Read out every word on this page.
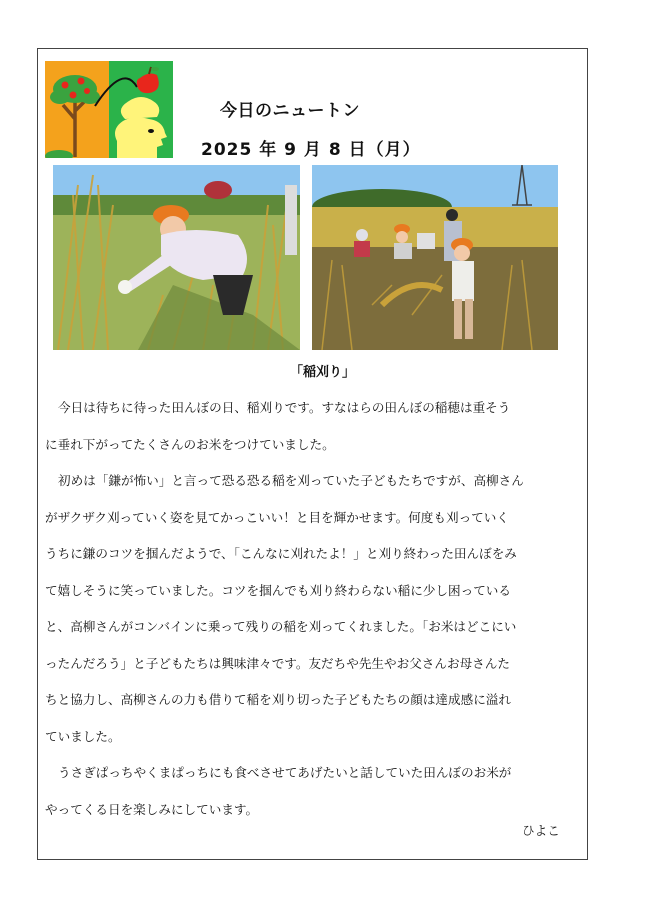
今日のニュートン
2025 年 9 月 8 日（月）
「稲刈り」
今日は待ちに待った田んぼの日、稲刈りです。すなはらの田んぼの稲穂は重そう
に垂れ下がってたくさんのお米をつけていました。
初めは「鎌が怖い」と言って恐る恐る稲を刈っていた子どもたちですが、高柳さん
がザクザク刈っていく姿を見てかっこいい！と目を輝かせます。何度も刈っていく
うちに鎌のコツを掴んだようで、「こんなに刈れたよ！」と刈り終わった田んぼをみ
て嬉しそうに笑っていました。コツを掴んでも刈り終わらない稲に少し困っている
と、高柳さんがコンバインに乗って残りの稲を刈ってくれました。「お米はどこにい
ったんだろう」と子どもたちは興味津々です。友だちや先生やお父さんお母さんた
ちと協力し、高柳さんの力も借りて稲を刈り切った子どもたちの顔は達成感に溢れ
ていました。
うさぎぱっちやくまぱっちにも食べさせてあげたいと話していた田んぼのお米が
やってくる日を楽しみにしています。
ひよこ
